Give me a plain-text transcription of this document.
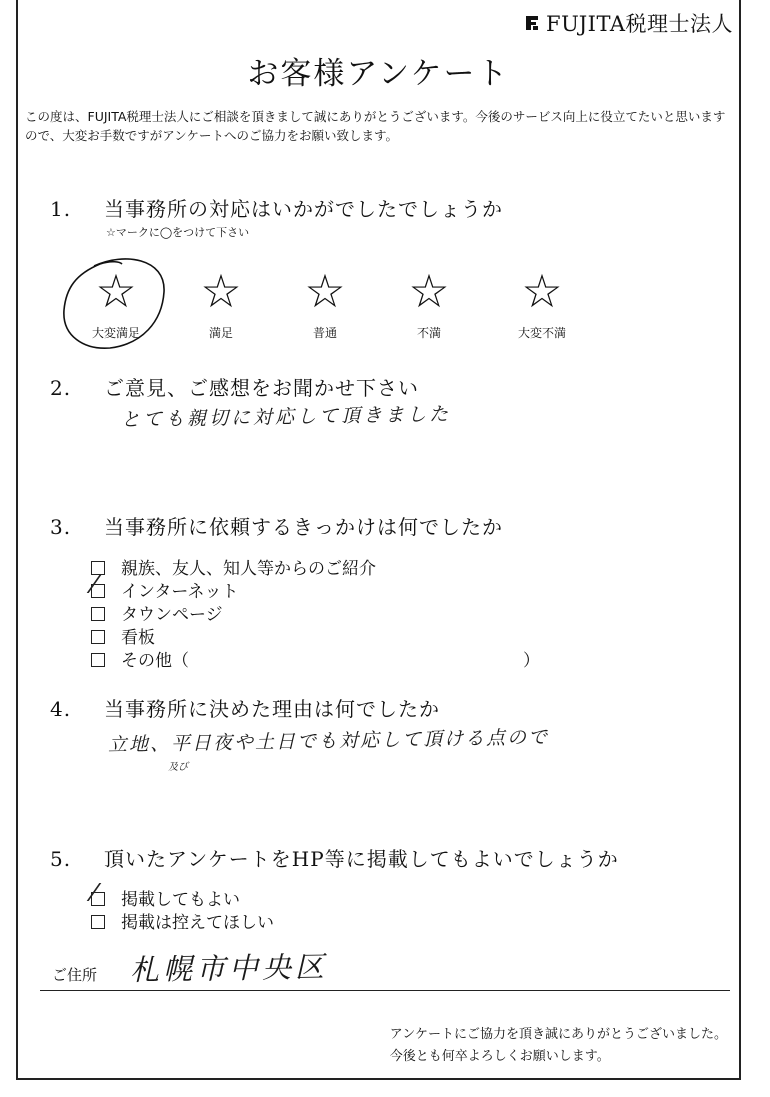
FUJITA税理士法人
お客様アンケート
この度は、FUJITA税理士法人にご相談を頂きまして誠にありがとうございます。今後のサービス向上に役立てたいと思いますので、大変お手数ですがアンケートへのご協力をお願い致します。
1. 当事務所の対応はいかがでしたでしょうか
☆マークに◯をつけて下さい
☆	☆	☆	☆	☆
大変満足	満足	普通	不満	大変不満
2. ご意見、ご感想をお聞かせ下さい
とても親切に対応して頂きました
3. 当事務所に依頼するきっかけは何でしたか
親族、友人、知人等からのご紹介
インターネット
タウンページ
看板
その他（	）
4. 当事務所に決めた理由は何でしたか
立地、平日夜や土日でも対応して頂ける点ので
及び
5. 頂いたアンケートをHP等に掲載してもよいでしょうか
掲載してもよい
掲載は控えてほしい
ご住所 札幌市中央区
アンケートにご協力を頂き誠にありがとうございました。
今後とも何卒よろしくお願いします。
